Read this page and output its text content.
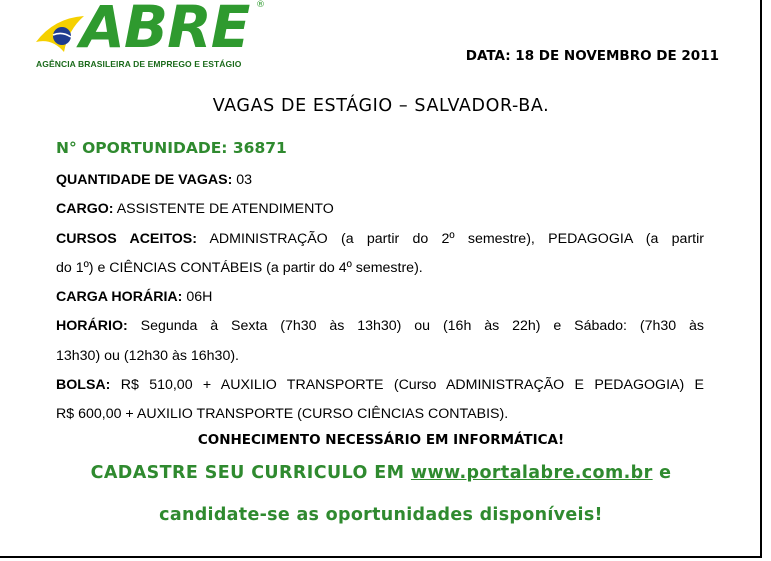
ABRE ®
AGÊNCIA BRASILEIRA DE EMPREGO E ESTÁGIO	DATA: 18 DE NOVEMBRO DE 2011
VAGAS DE ESTÁGIO – SALVADOR-BA.
N° OPORTUNIDADE: 36871

QUANTIDADE DE VAGAS: 03

CARGO: ASSISTENTE DE ATENDIMENTO

CURSOS ACEITOS: ADMINISTRAÇÃO (a partir do 2º semestre), PEDAGOGIA (a partir

do 1º) e CIÊNCIAS CONTÁBEIS (a partir do 4º semestre).

CARGA HORÁRIA: 06H

HORÁRIO: Segunda à Sexta (7h30 às 13h30) ou (16h às 22h) e Sábado: (7h30 às

13h30) ou (12h30 às 16h30).

BOLSA: R$ 510,00 + AUXILIO TRANSPORTE (Curso ADMINISTRAÇÃO E PEDAGOGIA) E

R$ 600,00 + AUXILIO TRANSPORTE (CURSO CIÊNCIAS CONTABIS).

CONHECIMENTO NECESSÁRIO EM INFORMÁTICA!
CADASTRE SEU CURRICULO EM www.portalabre.com.br e
candidate-se as oportunidades disponíveis!
